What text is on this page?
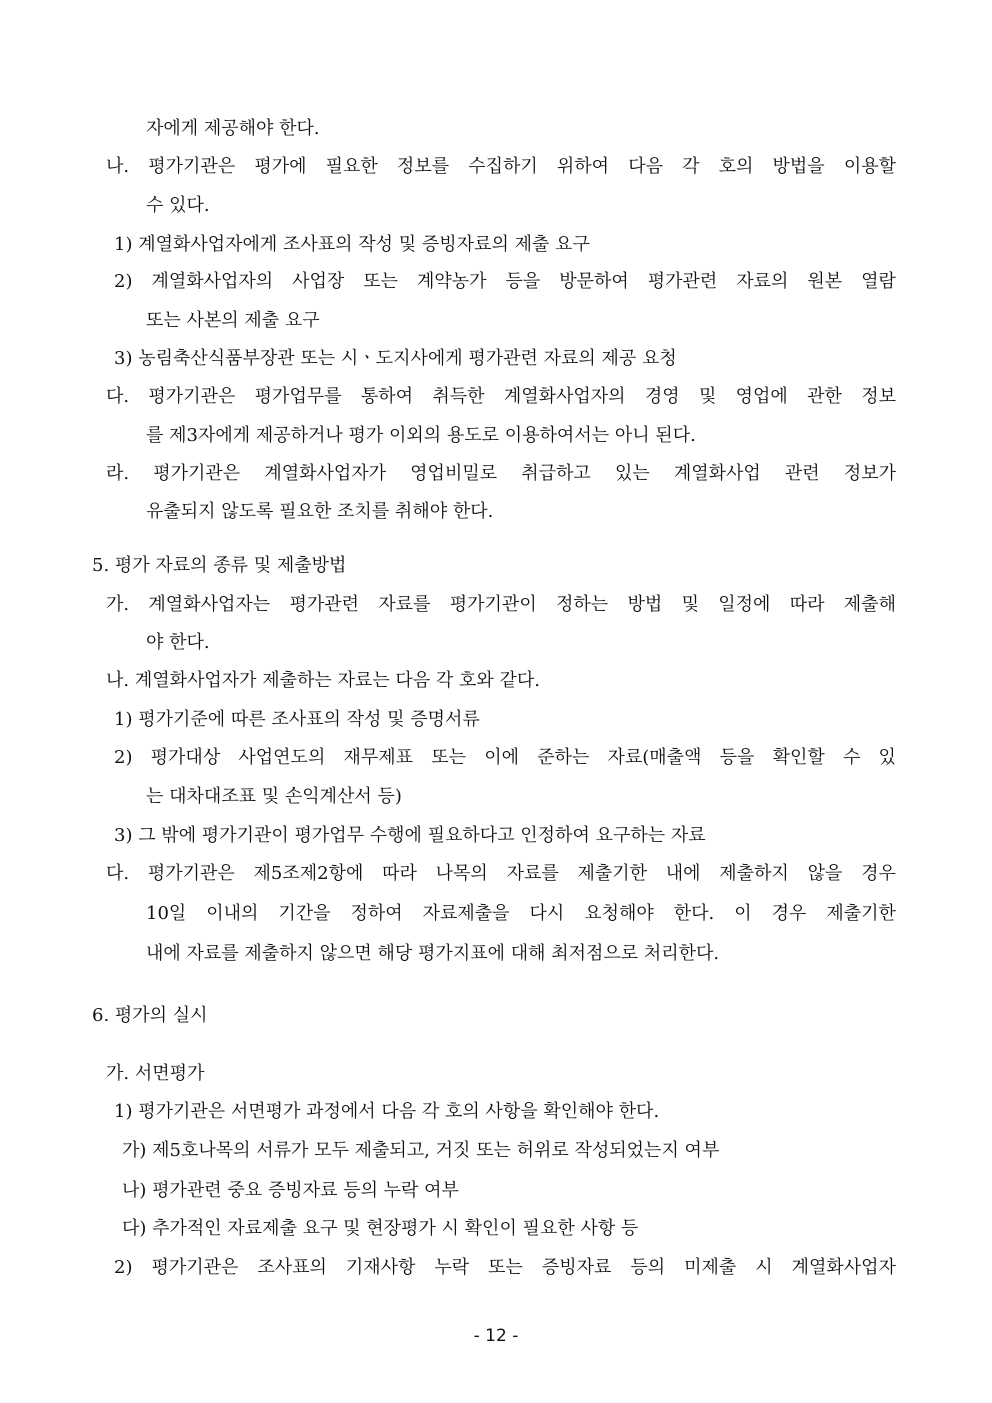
자에게 제공해야 한다.
나. 평가기관은 평가에 필요한 정보를 수집하기 위하여 다음 각 호의 방법을 이용할
수 있다.
1) 계열화사업자에게 조사표의 작성 및 증빙자료의 제출 요구
2) 계열화사업자의 사업장 또는 계약농가 등을 방문하여 평가관련 자료의 원본 열람
또는 사본의 제출 요구
3) 농림축산식품부장관 또는 시ㆍ도지사에게 평가관련 자료의 제공 요청
다. 평가기관은 평가업무를 통하여 취득한 계열화사업자의 경영 및 영업에 관한 정보
를 제3자에게 제공하거나 평가 이외의 용도로 이용하여서는 아니 된다.
라. 평가기관은 계열화사업자가 영업비밀로 취급하고 있는 계열화사업 관련 정보가
유출되지 않도록 필요한 조치를 취해야 한다.
5. 평가 자료의 종류 및 제출방법
가. 계열화사업자는 평가관련 자료를 평가기관이 정하는 방법 및 일정에 따라 제출해
야 한다.
나. 계열화사업자가 제출하는 자료는 다음 각 호와 같다.
1) 평가기준에 따른 조사표의 작성 및 증명서류
2) 평가대상 사업연도의 재무제표 또는 이에 준하는 자료(매출액 등을 확인할 수 있
는 대차대조표 및 손익계산서 등)
3) 그 밖에 평가기관이 평가업무 수행에 필요하다고 인정하여 요구하는 자료
다. 평가기관은 제5조제2항에 따라 나목의 자료를 제출기한 내에 제출하지 않을 경우
10일 이내의 기간을 정하여 자료제출을 다시 요청해야 한다. 이 경우 제출기한
내에 자료를 제출하지 않으면 해당 평가지표에 대해 최저점으로 처리한다.
6. 평가의 실시
가. 서면평가
1) 평가기관은 서면평가 과정에서 다음 각 호의 사항을 확인해야 한다.
가) 제5호나목의 서류가 모두 제출되고, 거짓 또는 허위로 작성되었는지 여부
나) 평가관련 중요 증빙자료 등의 누락 여부
다) 추가적인 자료제출 요구 및 현장평가 시 확인이 필요한 사항 등
2) 평가기관은 조사표의 기재사항 누락 또는 증빙자료 등의 미제출 시 계열화사업자
- 12 -
